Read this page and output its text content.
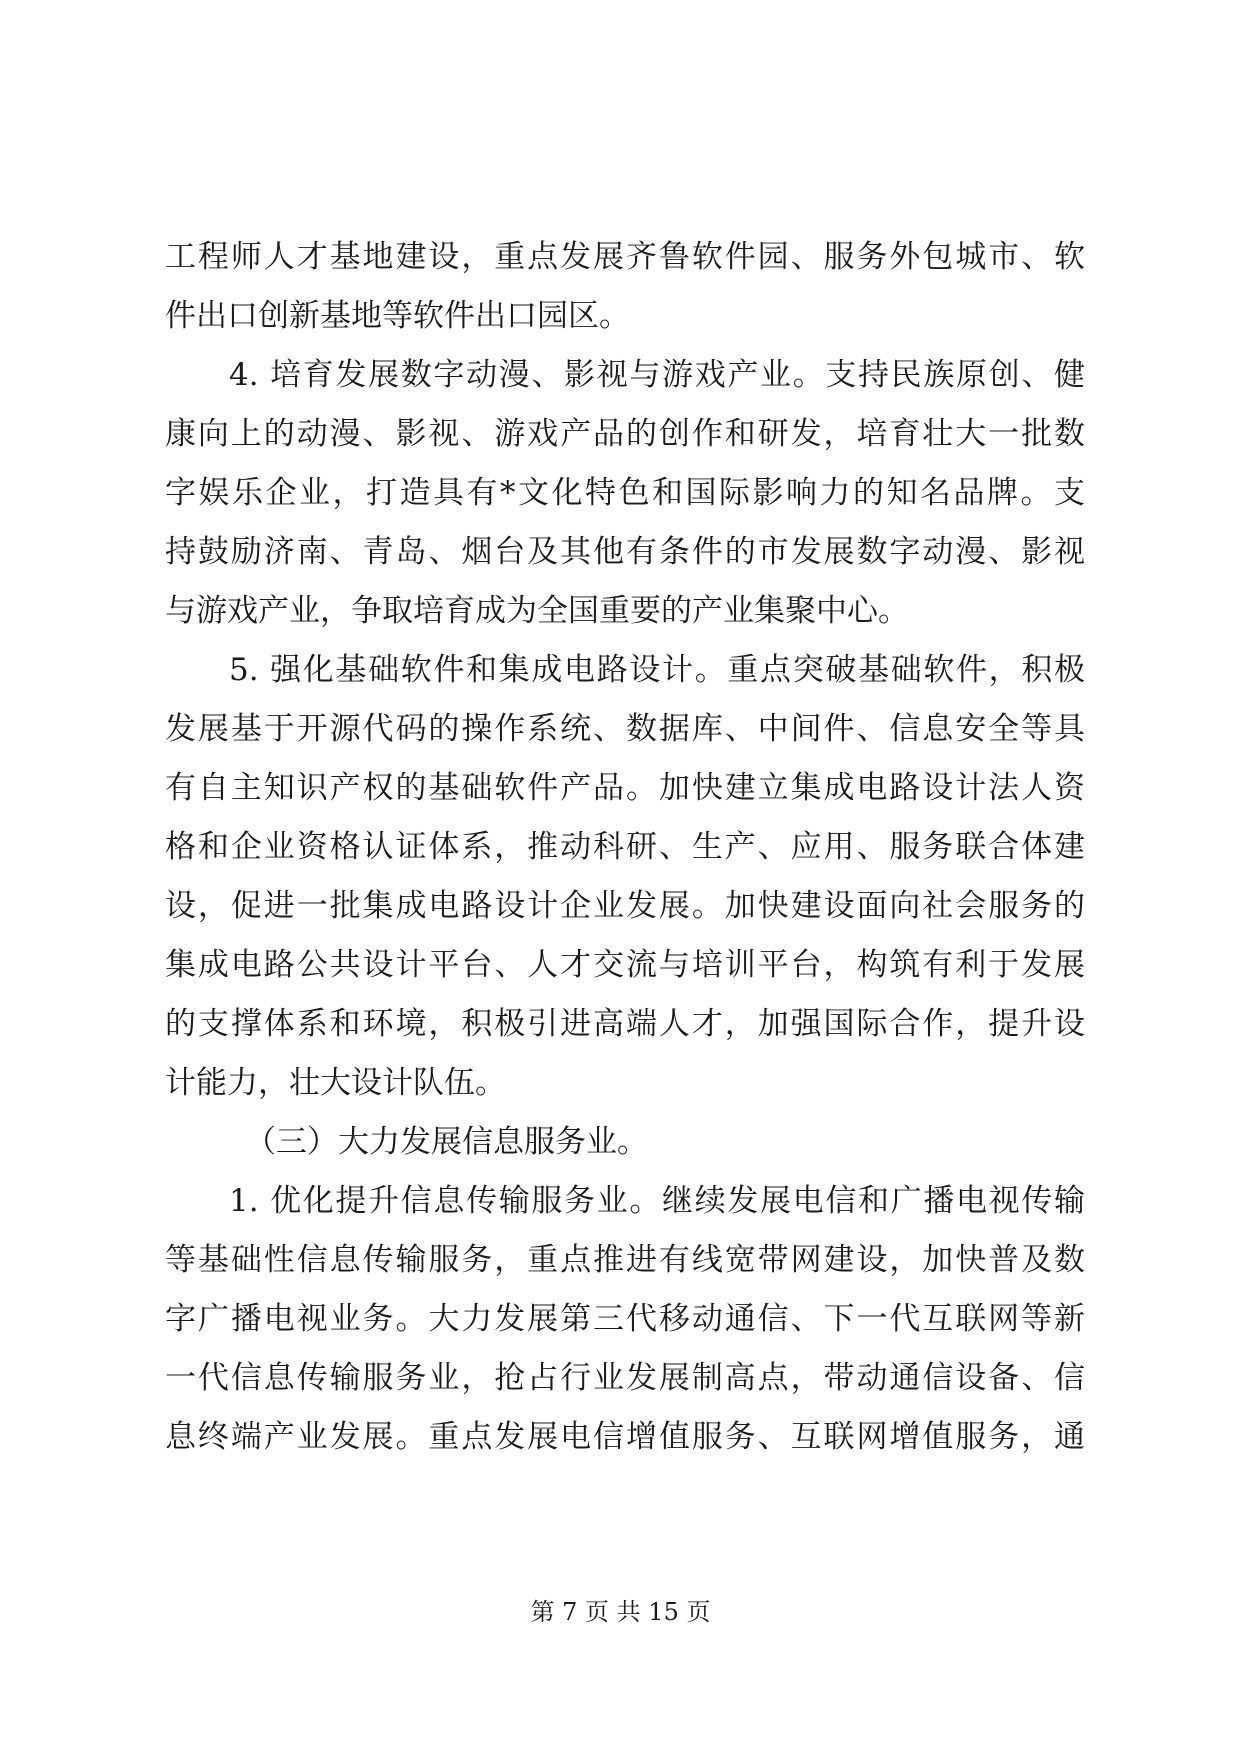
工程师人才基地建设，重点发展齐鲁软件园、服务外包城市、软
件出口创新基地等软件出口园区。
4. 培育发展数字动漫、影视与游戏产业。支持民族原创、健
康向上的动漫、影视、游戏产品的创作和研发，培育壮大一批数
字娱乐企业，打造具有*文化特色和国际影响力的知名品牌。支
持鼓励济南、青岛、烟台及其他有条件的市发展数字动漫、影视
与游戏产业，争取培育成为全国重要的产业集聚中心。
5. 强化基础软件和集成电路设计。重点突破基础软件，积极
发展基于开源代码的操作系统、数据库、中间件、信息安全等具
有自主知识产权的基础软件产品。加快建立集成电路设计法人资
格和企业资格认证体系，推动科研、生产、应用、服务联合体建
设，促进一批集成电路设计企业发展。加快建设面向社会服务的
集成电路公共设计平台、人才交流与培训平台，构筑有利于发展
的支撑体系和环境，积极引进高端人才，加强国际合作，提升设
计能力，壮大设计队伍。
（三）大力发展信息服务业。
1. 优化提升信息传输服务业。继续发展电信和广播电视传输
等基础性信息传输服务，重点推进有线宽带网建设，加快普及数
字广播电视业务。大力发展第三代移动通信、下一代互联网等新
一代信息传输服务业，抢占行业发展制高点，带动通信设备、信
息终端产业发展。重点发展电信增值服务、互联网增值服务，通
第 7 页 共 15 页
